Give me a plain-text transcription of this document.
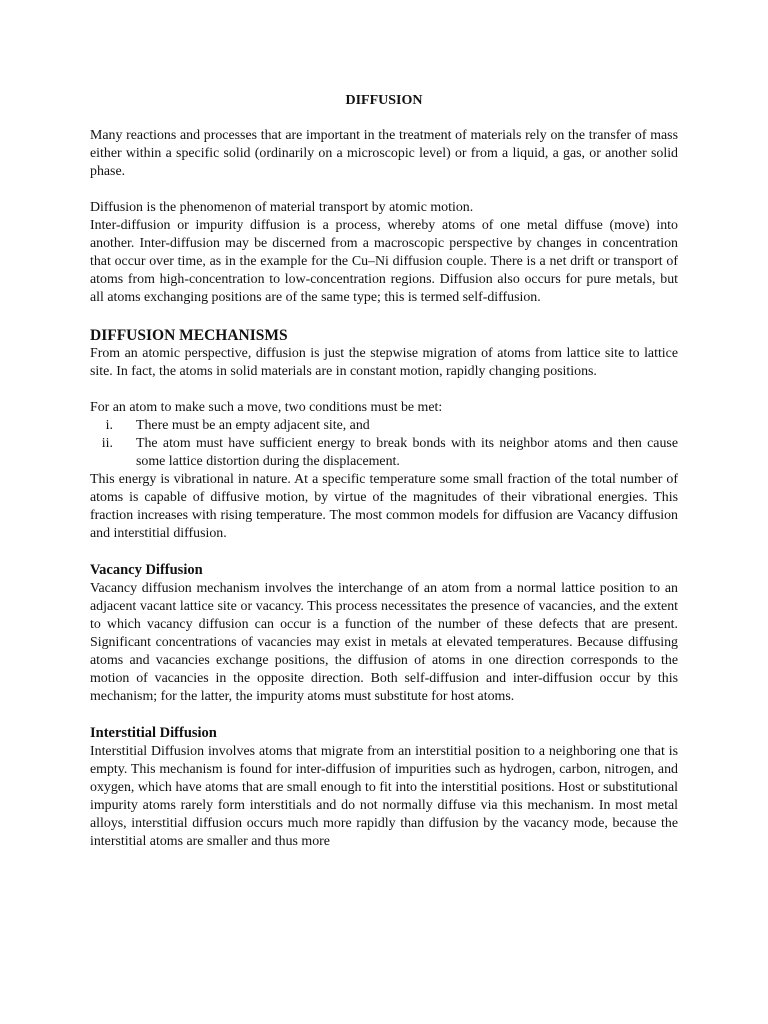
DIFFUSION

Many reactions and processes that are important in the treatment of materials rely on the transfer of mass either within a specific solid (ordinarily on a microscopic level) or from a liquid, a gas, or another solid phase.

Diffusion is the phenomenon of material transport by atomic motion.

Inter-diffusion or impurity diffusion is a process, whereby atoms of one metal diffuse (move) into another. Inter-diffusion may be discerned from a macroscopic perspective by changes in concentration that occur over time, as in the example for the Cu–Ni diffusion couple. There is a net drift or transport of atoms from high-concentration to low-concentration regions. Diffusion also occurs for pure metals, but all atoms exchanging positions are of the same type; this is termed self-diffusion.

DIFFUSION MECHANISMS

From an atomic perspective, diffusion is just the stepwise migration of atoms from lattice site to lattice site. In fact, the atoms in solid materials are in constant motion, rapidly changing positions.

For an atom to make such a move, two conditions must be met:

i.	There must be an empty adjacent site, and
ii.	The atom must have sufficient energy to break bonds with its neighbor atoms and then cause some lattice distortion during the displacement.

This energy is vibrational in nature. At a specific temperature some small fraction of the total number of atoms is capable of diffusive motion, by virtue of the magnitudes of their vibrational energies. This fraction increases with rising temperature. The most common models for diffusion are Vacancy diffusion and interstitial diffusion.

Vacancy Diffusion

Vacancy diffusion mechanism involves the interchange of an atom from a normal lattice position to an adjacent vacant lattice site or vacancy. This process necessitates the presence of vacancies, and the extent to which vacancy diffusion can occur is a function of the number of these defects that are present. Significant concentrations of vacancies may exist in metals at elevated temperatures. Because diffusing atoms and vacancies exchange positions, the diffusion of atoms in one direction corresponds to the motion of vacancies in the opposite direction. Both self-diffusion and inter-diffusion occur by this mechanism; for the latter, the impurity atoms must substitute for host atoms.

Interstitial Diffusion

Interstitial Diffusion involves atoms that migrate from an interstitial position to a neighboring one that is empty. This mechanism is found for inter-diffusion of impurities such as hydrogen, carbon, nitrogen, and oxygen, which have atoms that are small enough to fit into the interstitial positions. Host or substitutional impurity atoms rarely form interstitials and do not normally diffuse via this mechanism. In most metal alloys, interstitial diffusion occurs much more rapidly than diffusion by the vacancy mode, because the interstitial atoms are smaller and thus more
